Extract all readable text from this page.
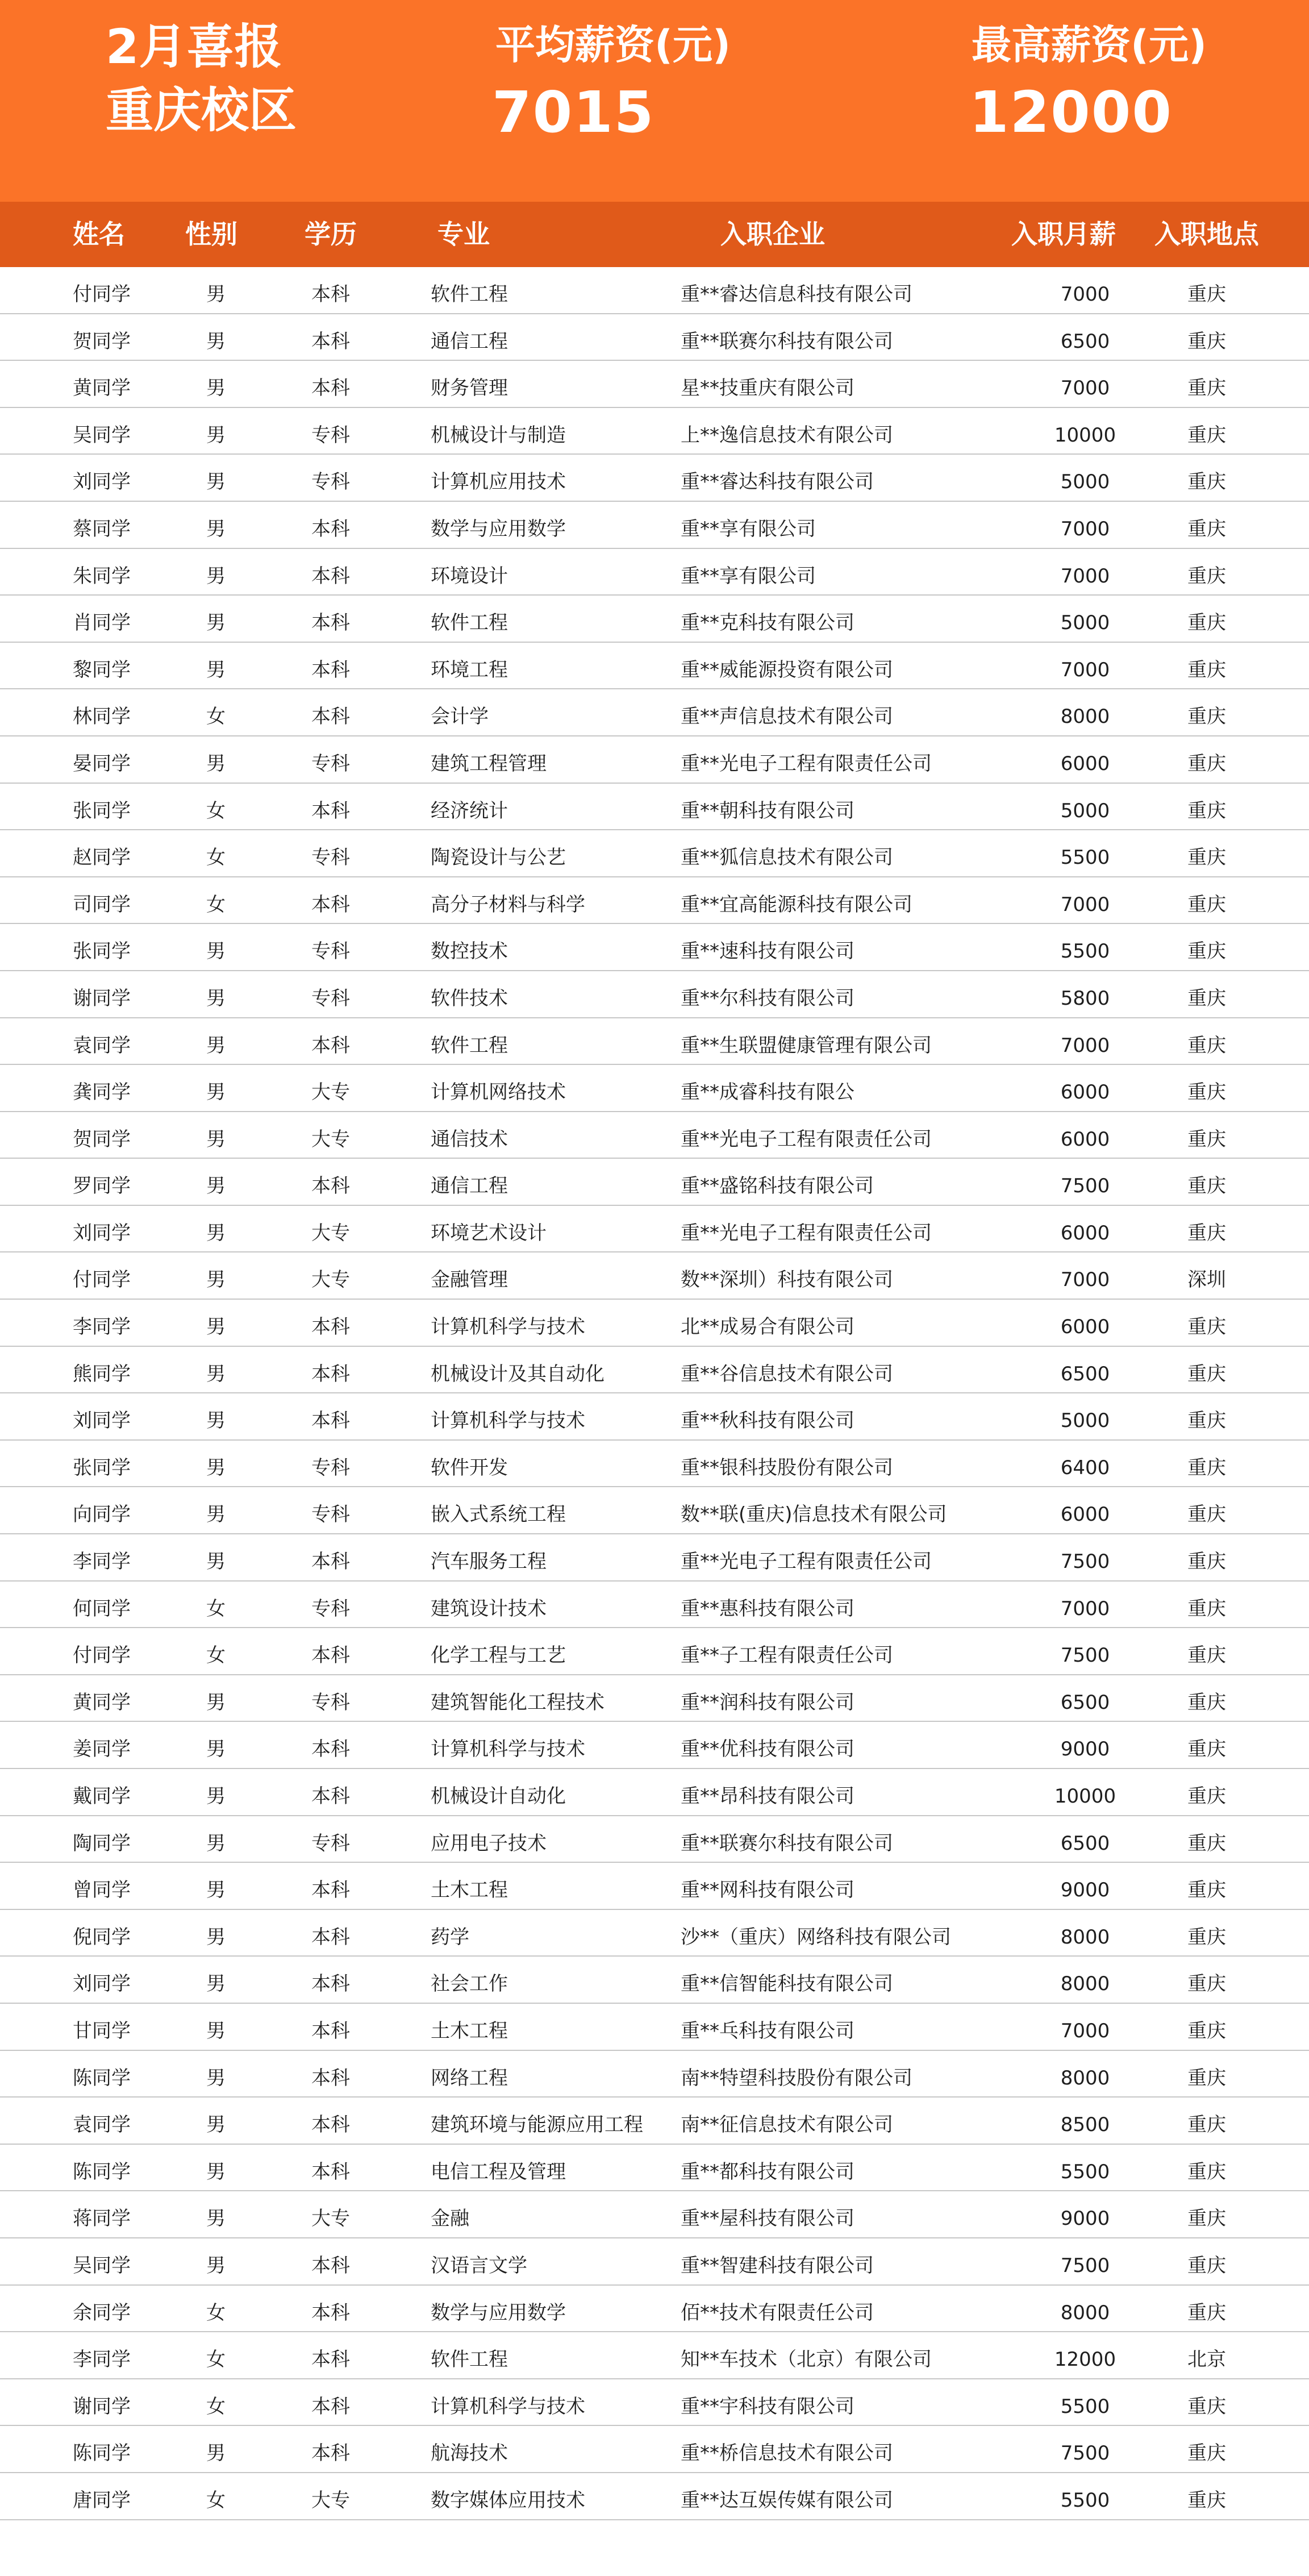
2月喜报
重庆校区
平均薪资(元)
7015
最高薪资(元)
12000
姓名 性别	学历	专业	入职企业	入职月薪 入职地点
付同学	男	本科	软件工程	重**睿达信息科技有限公司	7000	重庆
贺同学	男	本科	通信工程	重**联赛尔科技有限公司	6500	重庆
黄同学	男	本科	财务管理	星**技重庆有限公司	7000	重庆
吴同学	男	专科	机械设计与制造	上**逸信息技术有限公司	10000	重庆
刘同学	男	专科	计算机应用技术	重**睿达科技有限公司	5000	重庆
蔡同学	男	本科	数学与应用数学	重**享有限公司	7000	重庆
朱同学	男	本科	环境设计	重**享有限公司	7000	重庆
肖同学	男	本科	软件工程	重**克科技有限公司	5000	重庆
黎同学	男	本科	环境工程	重**威能源投资有限公司	7000	重庆
林同学	女	本科	会计学	重**声信息技术有限公司	8000	重庆
晏同学	男	专科	建筑工程管理	重**光电子工程有限责任公司	6000	重庆
张同学	女	本科	经济统计	重**朝科技有限公司	5000	重庆
赵同学	女	专科	陶瓷设计与公艺	重**狐信息技术有限公司	5500	重庆
司同学	女	本科	高分子材料与科学	重**宜高能源科技有限公司	7000	重庆
张同学	男	专科	数控技术	重**速科技有限公司	5500	重庆
谢同学	男	专科	软件技术	重**尔科技有限公司	5800	重庆
袁同学	男	本科	软件工程	重**生联盟健康管理有限公司	7000	重庆
龚同学	男	大专	计算机网络技术	重**成睿科技有限公	6000	重庆
贺同学	男	大专	通信技术	重**光电子工程有限责任公司	6000	重庆
罗同学	男	本科	通信工程	重**盛铭科技有限公司	7500	重庆
刘同学	男	大专	环境艺术设计	重**光电子工程有限责任公司	6000	重庆
付同学	男	大专	金融管理	数**深圳）科技有限公司	7000	深圳
李同学	男	本科	计算机科学与技术	北**成易合有限公司	6000	重庆
熊同学	男	本科	机械设计及其自动化	重**谷信息技术有限公司	6500	重庆
刘同学	男	本科	计算机科学与技术	重**秋科技有限公司	5000	重庆
张同学	男	专科	软件开发	重**银科技股份有限公司	6400	重庆
向同学	男	专科	嵌入式系统工程	数**联(重庆)信息技术有限公司	6000	重庆
李同学	男	本科	汽车服务工程	重**光电子工程有限责任公司	7500	重庆
何同学	女	专科	建筑设计技术	重**惠科技有限公司	7000	重庆
付同学	女	本科	化学工程与工艺	重**子工程有限责任公司	7500	重庆
黄同学	男	专科	建筑智能化工程技术	重**润科技有限公司	6500	重庆
姜同学	男	本科	计算机科学与技术	重**优科技有限公司	9000	重庆
戴同学	男	本科	机械设计自动化	重**昂科技有限公司	10000	重庆
陶同学	男	专科	应用电子技术	重**联赛尔科技有限公司	6500	重庆
曾同学	男	本科	土木工程	重**网科技有限公司	9000	重庆
倪同学	男	本科	药学	沙**（重庆）网络科技有限公司	8000	重庆
刘同学	男	本科	社会工作	重**信智能科技有限公司	8000	重庆
甘同学	男	本科	土木工程	重**乓科技有限公司	7000	重庆
陈同学	男	本科	网络工程	南**特望科技股份有限公司	8000	重庆
袁同学	男	本科	建筑环境与能源应用工程 南**征信息技术有限公司	8500	重庆
陈同学	男	本科	电信工程及管理	重**都科技有限公司	5500	重庆
蒋同学	男	大专	金融	重**屋科技有限公司	9000	重庆
吴同学	男	本科	汉语言文学	重**智建科技有限公司	7500	重庆
余同学	女	本科	数学与应用数学	佰**技术有限责任公司	8000	重庆
李同学	女	本科	软件工程	知**车技术（北京）有限公司	12000	北京
谢同学	女	本科	计算机科学与技术	重**宇科技有限公司	5500	重庆
陈同学	男	本科	航海技术	重**桥信息技术有限公司	7500	重庆
唐同学	女	大专	数字媒体应用技术	重**达互娱传媒有限公司	5500	重庆
